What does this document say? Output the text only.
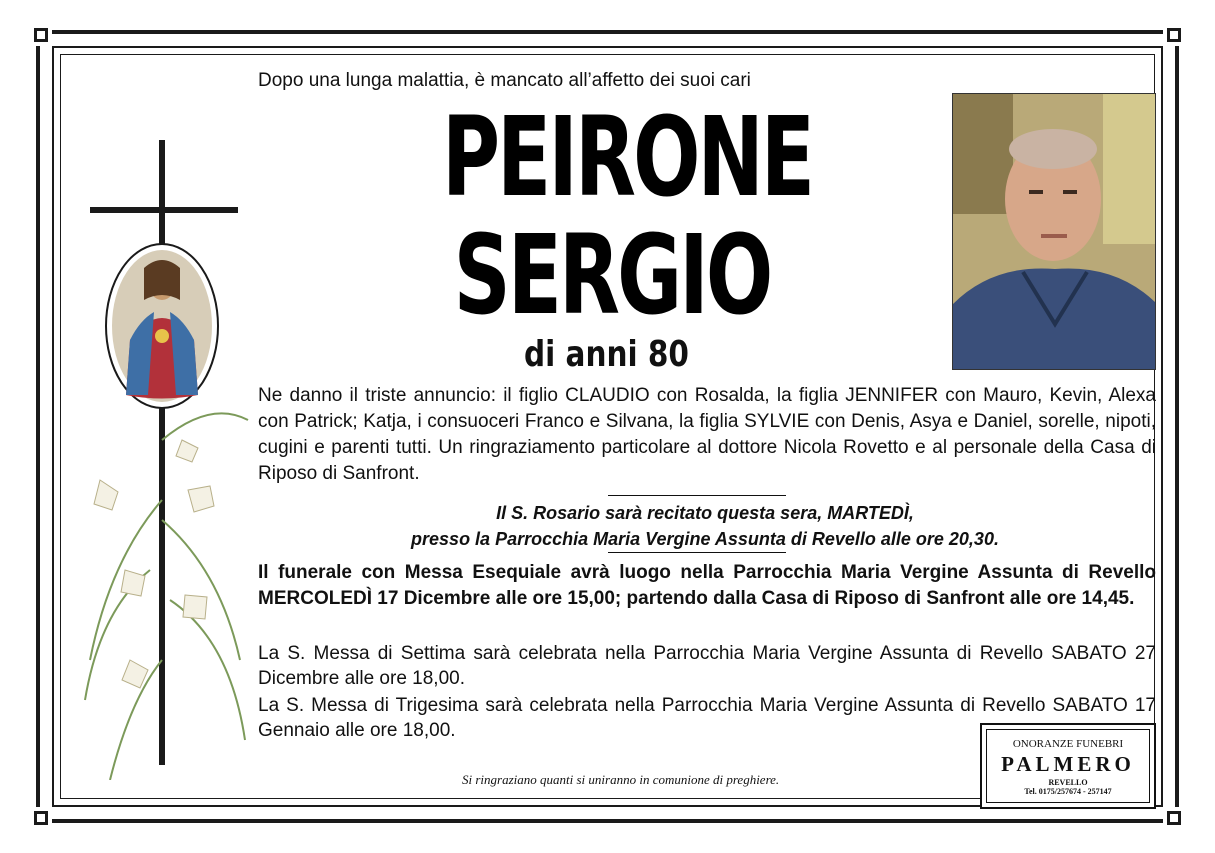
Dopo una lunga malattia, è mancato all’affetto dei suoi cari
PEIRONE
SERGIO
di anni 80
Ne danno il triste annuncio: il figlio CLAUDIO con Rosalda, la figlia JENNIFER con Mauro, Kevin, Alexa con Patrick; Katja, i consuoceri Franco e Silvana, la figlia SYLVIE con Denis, Asya e Daniel, sorelle, nipoti, cugini e parenti tutti. Un ringraziamento particolare al dottore Nicola Rovetto e al personale della Casa di Riposo di Sanfront.
Il S. Rosario sarà recitato questa sera, MARTEDÌ,
presso la Parrocchia Maria Vergine Assunta di Revello alle ore 20,30.
Il funerale con Messa Esequiale avrà luogo nella Parrocchia Maria Vergine Assunta di Revello MERCOLEDÌ 17 Dicembre alle ore 15,00; partendo dalla Casa di Riposo di Sanfront alle ore 14,45.
La S. Messa di Settima sarà celebrata nella Parrocchia Maria Vergine Assunta di Revello SABATO 27 Dicembre alle ore 18,00.
La S. Messa di Trigesima sarà celebrata nella Parrocchia Maria Vergine Assunta di Revello SABATO 17 Gennaio alle ore 18,00.
Si ringraziano quanti si uniranno in comunione di preghiere.
ONORANZE FUNEBRI
PALMERO
REVELLO
Tel. 0175/257674 - 257147
